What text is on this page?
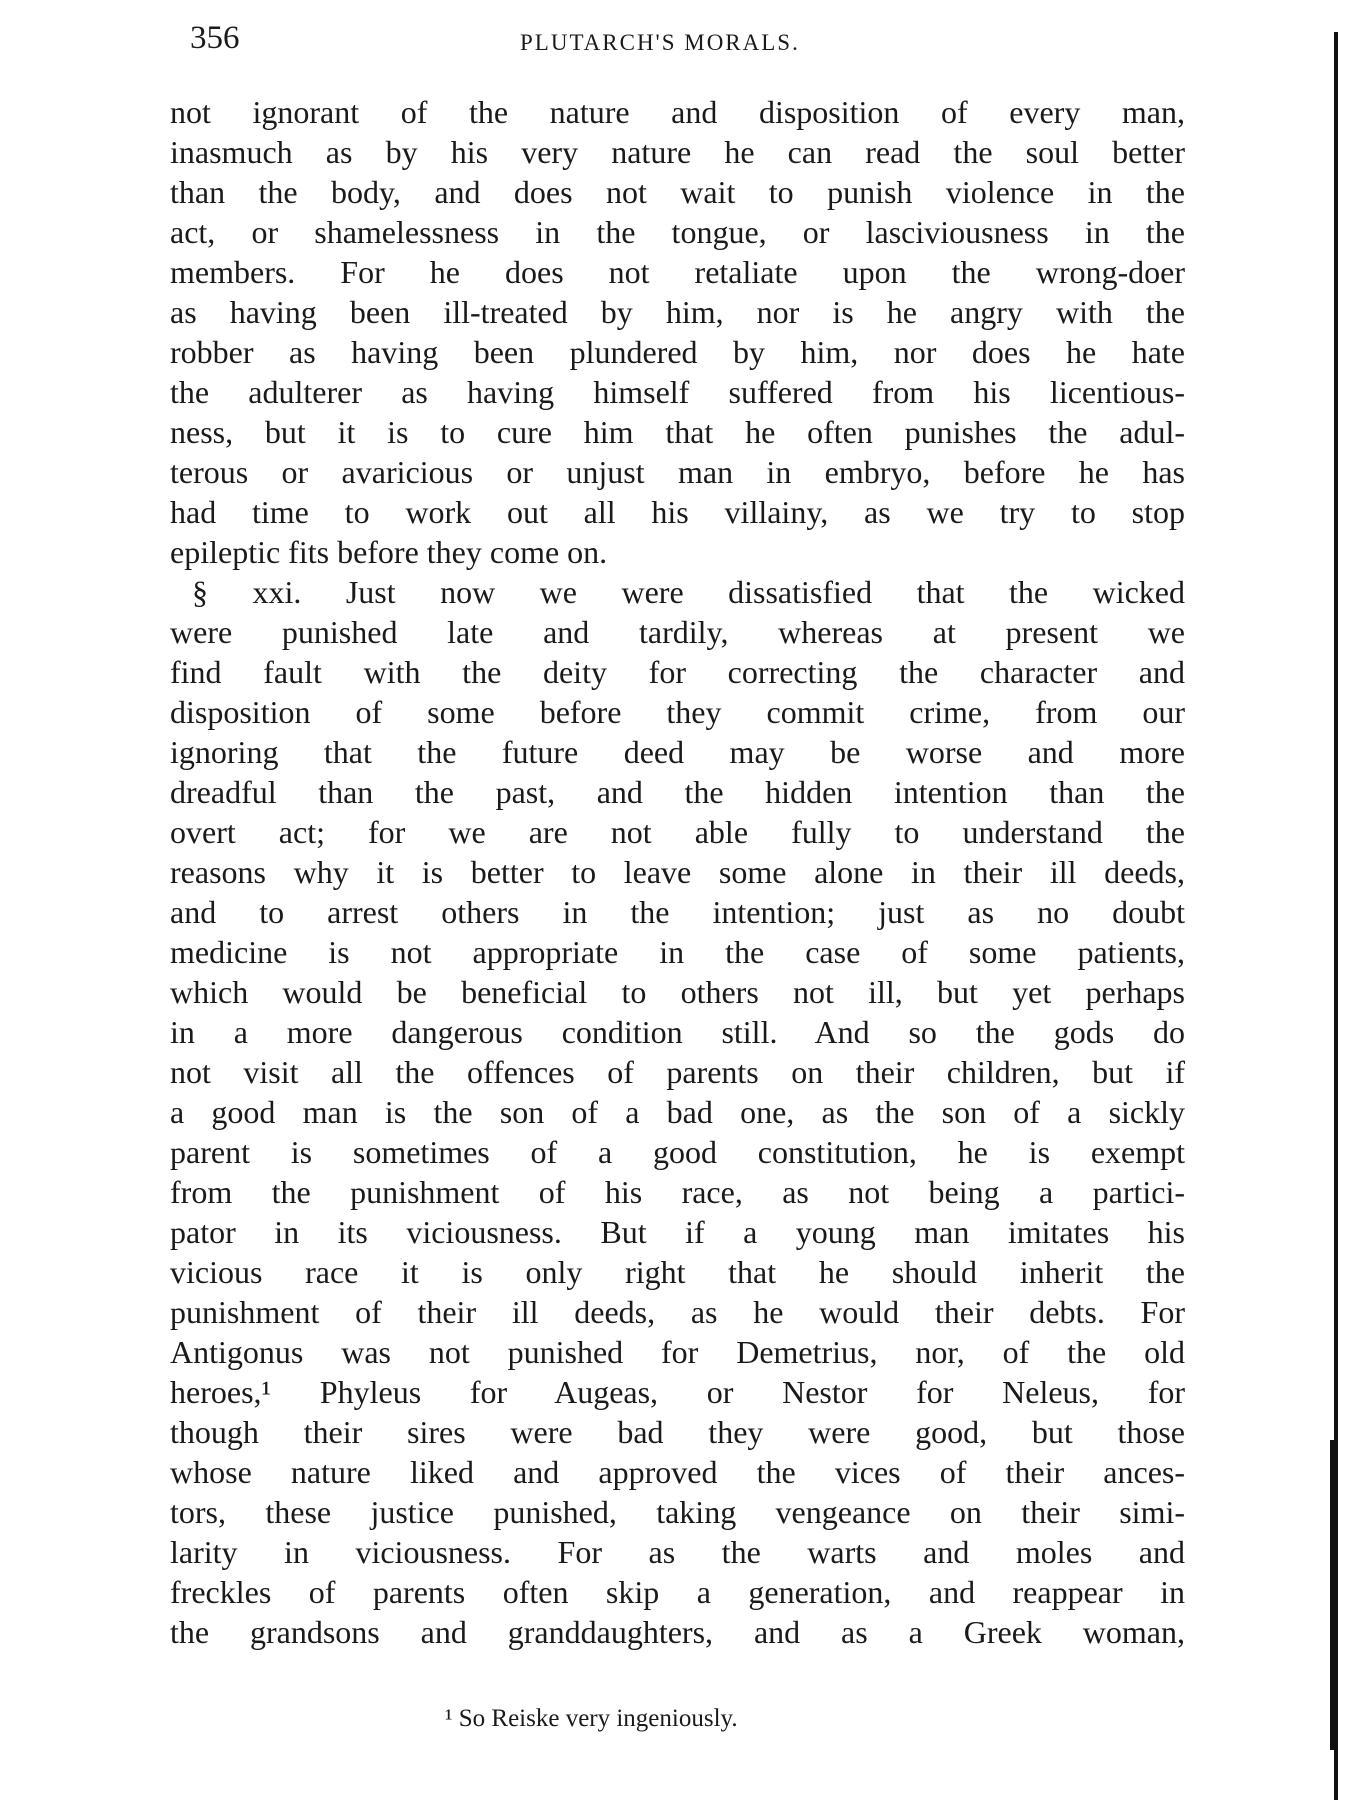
356	PLUTARCH'S MORALS.
not ignorant of the nature and disposition of every man,
inasmuch as by his very nature he can read the soul better
than the body, and does not wait to punish violence in the
act, or shamelessness in the tongue, or lasciviousness in the
members. For he does not retaliate upon the wrong-doer
as having been ill-treated by him, nor is he angry with the
robber as having been plundered by him, nor does he hate
the adulterer as having himself suffered from his licentious-
ness, but it is to cure him that he often punishes the adul-
terous or avaricious or unjust man in embryo, before he has
had time to work out all his villainy, as we try to stop
epileptic fits before they come on.
§ xxi. Just now we were dissatisfied that the wicked
were punished late and tardily, whereas at present we
find fault with the deity for correcting the character and
disposition of some before they commit crime, from our
ignoring that the future deed may be worse and more
dreadful than the past, and the hidden intention than the
overt act; for we are not able fully to understand the
reasons why it is better to leave some alone in their ill deeds,
and to arrest others in the intention; just as no doubt
medicine is not appropriate in the case of some patients,
which would be beneficial to others not ill, but yet perhaps
in a more dangerous condition still. And so the gods do
not visit all the offences of parents on their children, but if
a good man is the son of a bad one, as the son of a sickly
parent is sometimes of a good constitution, he is exempt
from the punishment of his race, as not being a partici-
pator in its viciousness. But if a young man imitates his
vicious race it is only right that he should inherit the
punishment of their ill deeds, as he would their debts. For
Antigonus was not punished for Demetrius, nor, of the old
heroes,¹ Phyleus for Augeas, or Nestor for Neleus, for
though their sires were bad they were good, but those
whose nature liked and approved the vices of their ances-
tors, these justice punished, taking vengeance on their simi-
larity in viciousness. For as the warts and moles and
freckles of parents often skip a generation, and reappear in
the grandsons and granddaughters, and as a Greek woman,
¹ So Reiske very ingeniously.
